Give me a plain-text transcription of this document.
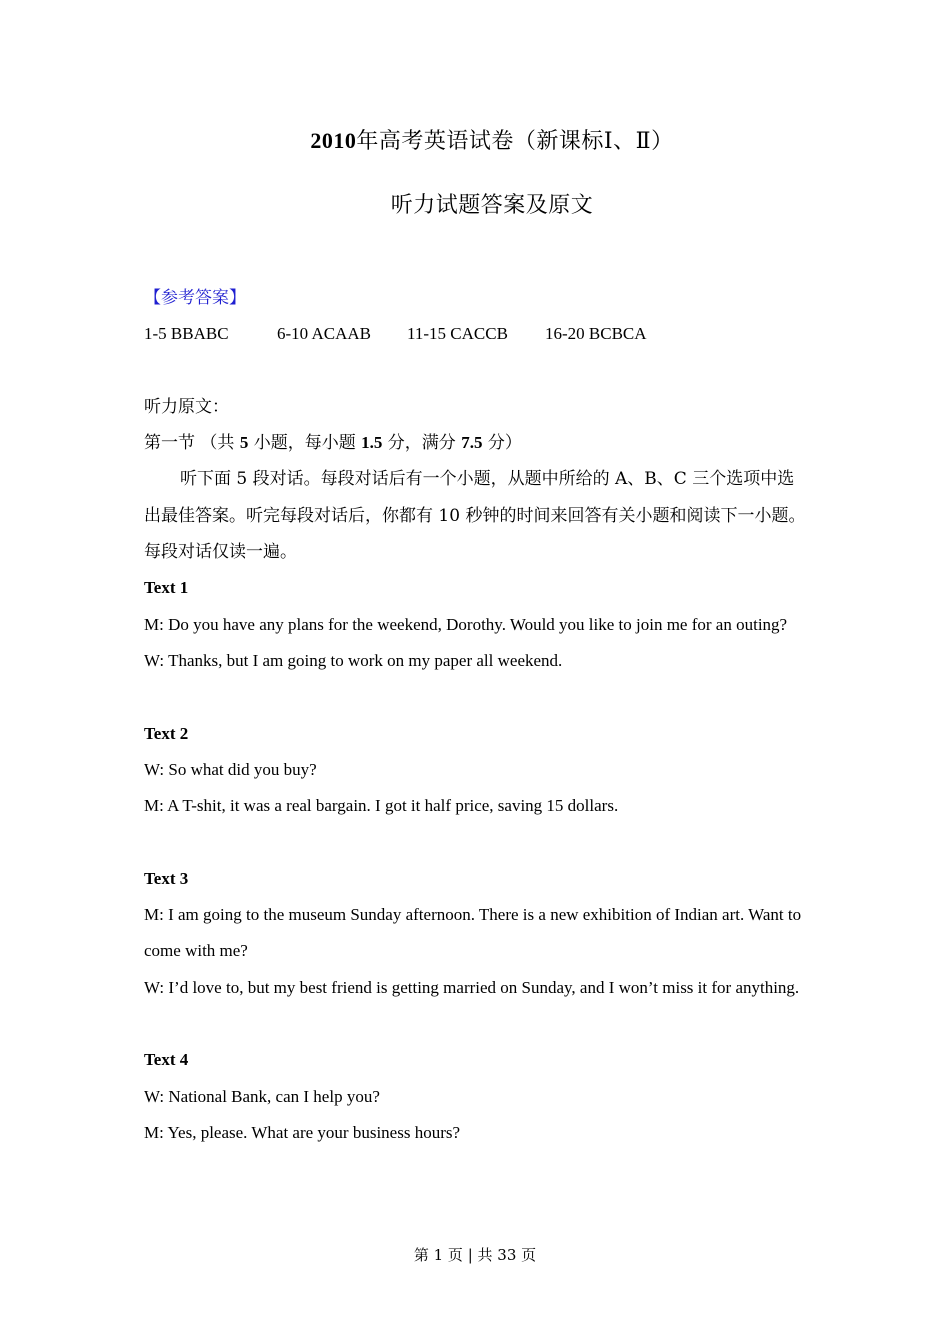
2010年高考英语试卷（新课标Ⅰ、Ⅱ）
听力试题答案及原文

【参考答案】

1-5 BBABC	6-10 ACAAB 11-15 CACCB 16-20 BCBCA

听力原文：

第一节 （共 5 小题，每小题 1.5 分，满分 7.5 分）

听下面 5 段对话。每段对话后有一个小题，从题中所给的 A、B、C 三个选项中选出最佳答案。听完每段对话后，你都有 10 秒钟的时间来回答有关小题和阅读下一小题。每段对话仅读一遍。

Text 1

M: Do you have any plans for the weekend, Dorothy. Would you like to join me for an outing?

W: Thanks, but I am going to work on my paper all weekend.

Text 2

W: So what did you buy?

M: A T-shit, it was a real bargain. I got it half price, saving 15 dollars.

Text 3

M: I am going to the museum Sunday afternoon. There is a new exhibition of Indian art. Want to come with me?

W: I’d love to, but my best friend is getting married on Sunday, and I won’t miss it for anything.

Text 4

W: National Bank, can I help you?

M: Yes, please. What are your business hours?

第 1 页 | 共 33 页
